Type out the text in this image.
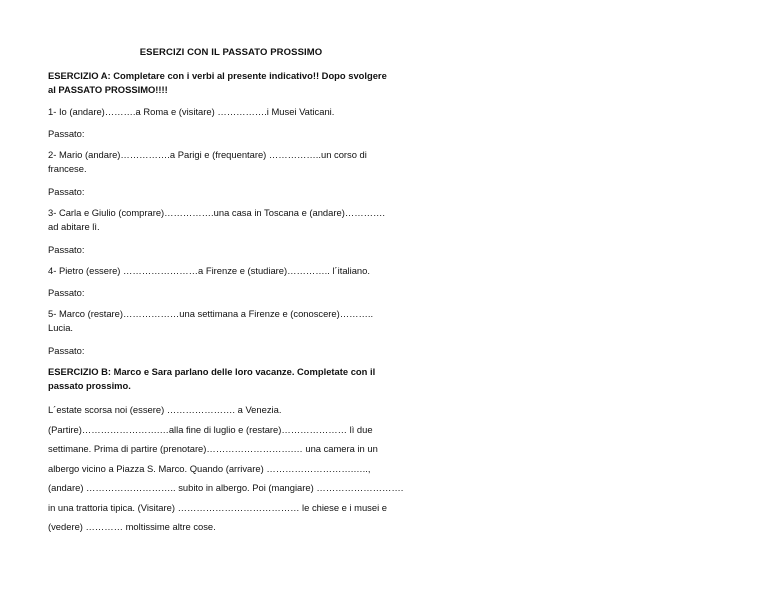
ESERCIZI CON IL PASSATO PROSSIMO
ESERCIZIO A: Completare con i verbi al presente indicativo!! Dopo svolgere
al PASSATO PROSSIMO!!!!
1- Io (andare)……….a Roma e (visitare) …………….i Musei Vaticani.
Passato:
2- Mario (andare)…………….a Parigi e (frequentare) ……………..un corso di
francese.
Passato:
3- Carla e Giulio (comprare)…………….una casa in Toscana e (andare)………….
ad abitare lì.
Passato:
4- Pietro (essere) ……………………a Firenze e (studiare)………….. l´italiano.
Passato:
5- Marco (restare)………………una settimana a Firenze e (conoscere)………..
Lucia.
Passato:
ESERCIZIO B: Marco e Sara parlano delle loro vacanze. Completate con il
passato prossimo.
L´estate scorsa noi (essere) …………………. a Venezia.
(Partire)…………………….…alla fine di luglio e (restare)………………… lì due
settimane. Prima di partire (prenotare)……………………….… una camera in un
albergo vicino a Piazza S. Marco. Quando (arrivare) ……………………….…..,
(andare) ……………………….. subito in albergo. Poi (mangiare) ……………………….
in una trattoria tipica. (Visitare) ………………………………… le chiese e i musei e
(vedere) ………… moltissime altre cose.
